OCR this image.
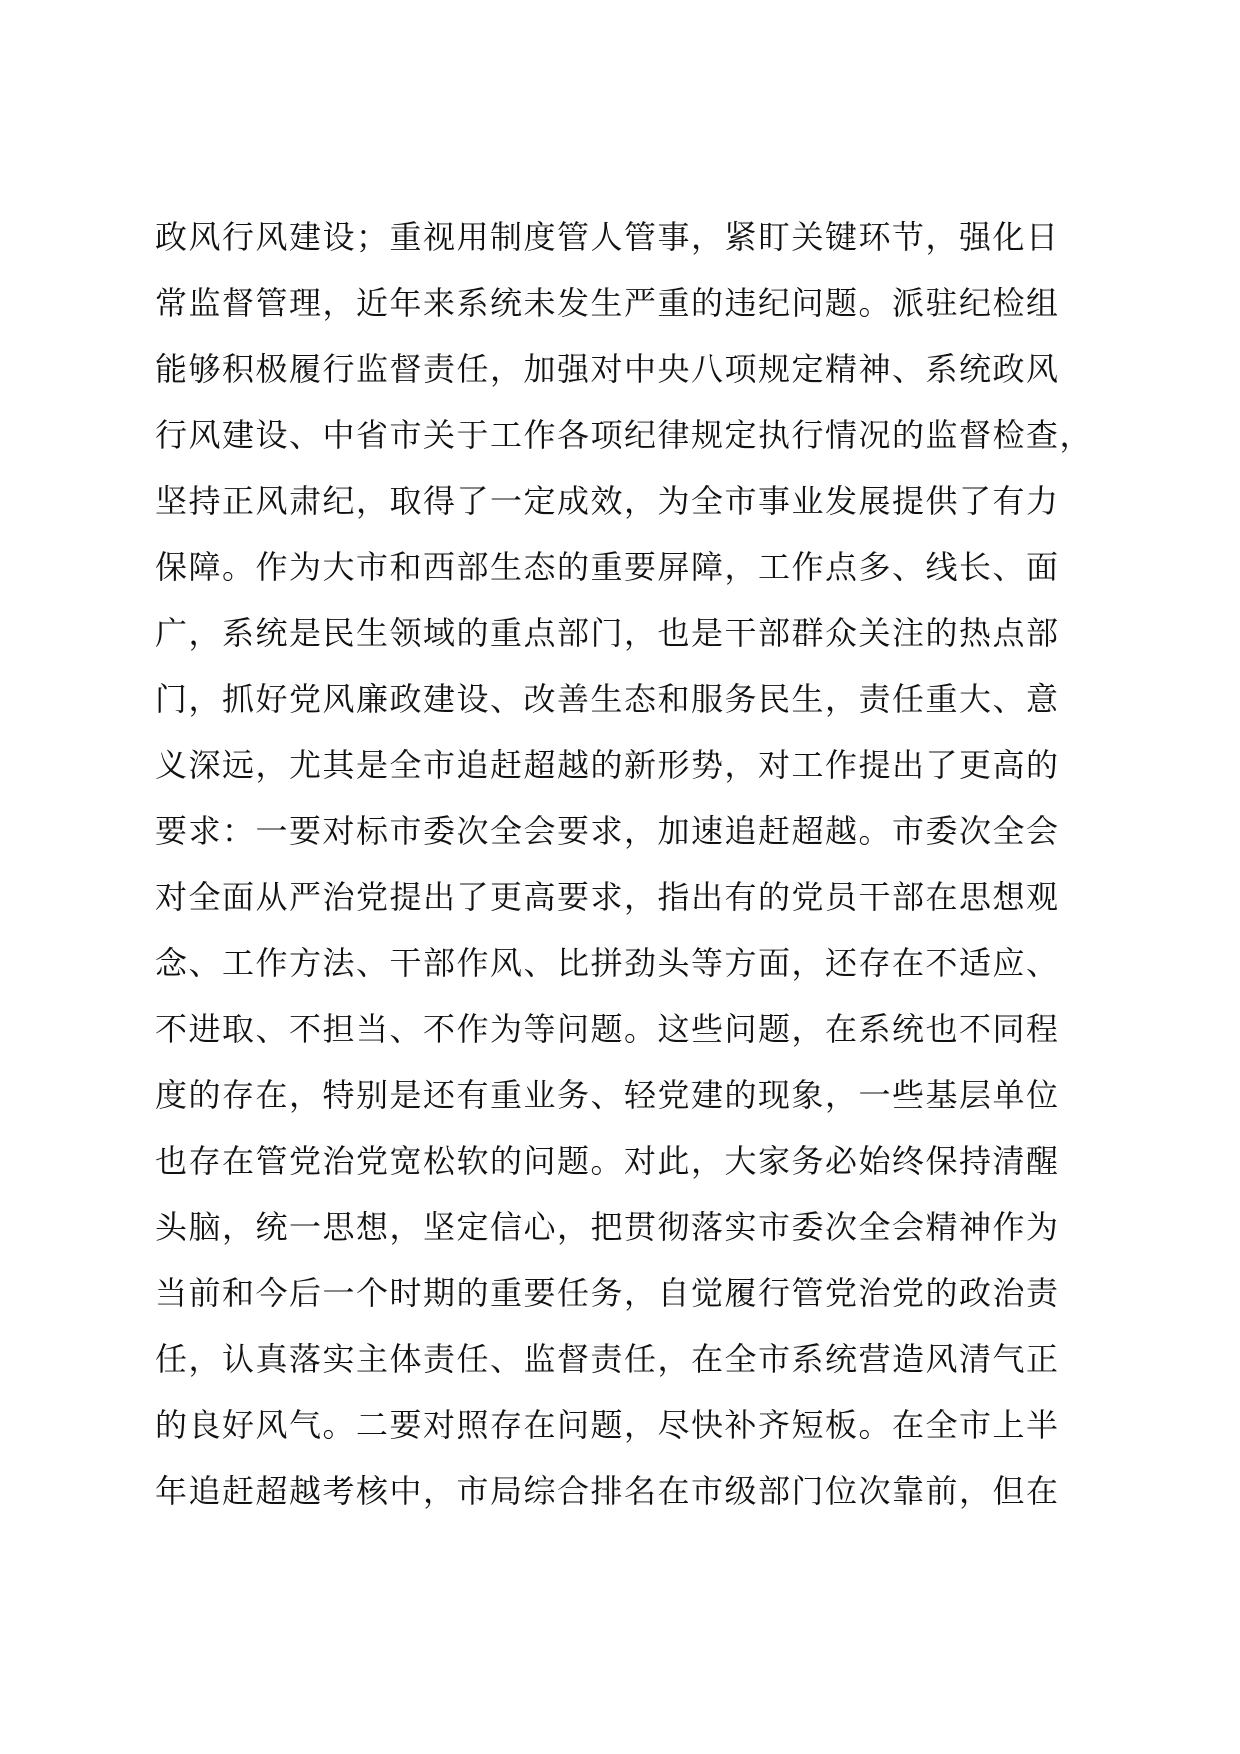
政风行风建设；重视用制度管人管事，紧盯关键环节，强化日
常监督管理，近年来系统未发生严重的违纪问题。派驻纪检组
能够积极履行监督责任，加强对中央八项规定精神、系统政风
行风建设、中省市关于工作各项纪律规定执行情况的监督检查，
坚持正风肃纪，取得了一定成效，为全市事业发展提供了有力
保障。作为大市和西部生态的重要屏障，工作点多、线长、面
广，系统是民生领域的重点部门，也是干部群众关注的热点部
门，抓好党风廉政建设、改善生态和服务民生，责任重大、意
义深远，尤其是全市追赶超越的新形势，对工作提出了更高的
要求：一要对标市委次全会要求，加速追赶超越。市委次全会
对全面从严治党提出了更高要求，指出有的党员干部在思想观
念、工作方法、干部作风、比拼劲头等方面，还存在不适应、
不进取、不担当、不作为等问题。这些问题，在系统也不同程
度的存在，特别是还有重业务、轻党建的现象，一些基层单位
也存在管党治党宽松软的问题。对此，大家务必始终保持清醒
头脑，统一思想，坚定信心，把贯彻落实市委次全会精神作为
当前和今后一个时期的重要任务，自觉履行管党治党的政治责
任，认真落实主体责任、监督责任，在全市系统营造风清气正
的良好风气。二要对照存在问题，尽快补齐短板。在全市上半
年追赶超越考核中，市局综合排名在市级部门位次靠前，但在
